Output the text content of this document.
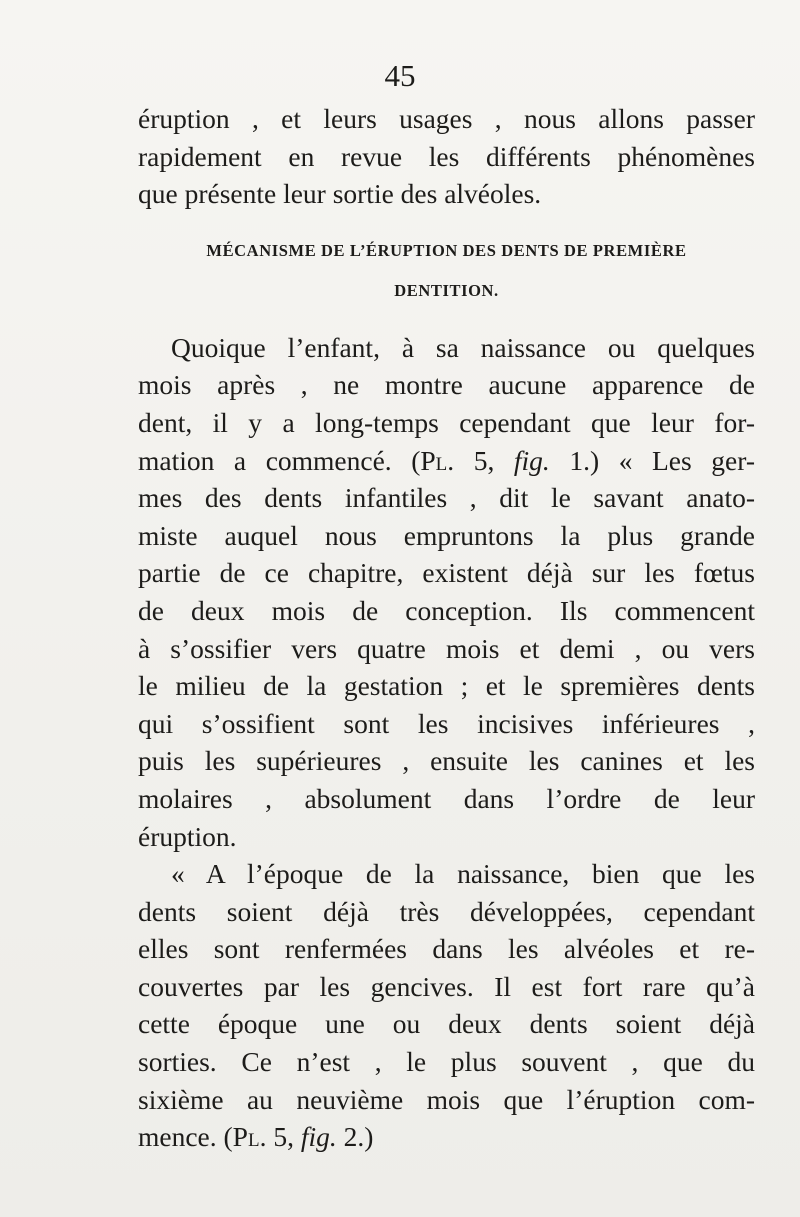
45
éruption , et leurs usages , nous allons passer
rapidement en revue les différents phénomènes
que présente leur sortie des alvéoles.
MÉCANISME DE L’ÉRUPTION DES DENTS DE PREMIÈRE
DENTITION.
Quoique l’enfant, à sa naissance ou quelques
mois après , ne montre aucune apparence de
dent, il y a long-temps cependant que leur for-
mation a commencé. (Pl. 5, fig. 1.) « Les ger-
mes des dents infantiles , dit le savant anato-
miste auquel nous empruntons la plus grande
partie de ce chapitre, existent déjà sur les fœtus
de deux mois de conception. Ils commencent
à s’ossifier vers quatre mois et demi , ou vers
le milieu de la gestation ; et le spremières dents
qui s’ossifient sont les incisives inférieures ,
puis les supérieures , ensuite les canines et les
molaires , absolument dans l’ordre de leur
éruption.
« A l’époque de la naissance, bien que les
dents soient déjà très développées, cependant
elles sont renfermées dans les alvéoles et re-
couvertes par les gencives. Il est fort rare qu’à
cette époque une ou deux dents soient déjà
sorties. Ce n’est , le plus souvent , que du
sixième au neuvième mois que l’éruption com-
mence. (Pl. 5, fig. 2.)
